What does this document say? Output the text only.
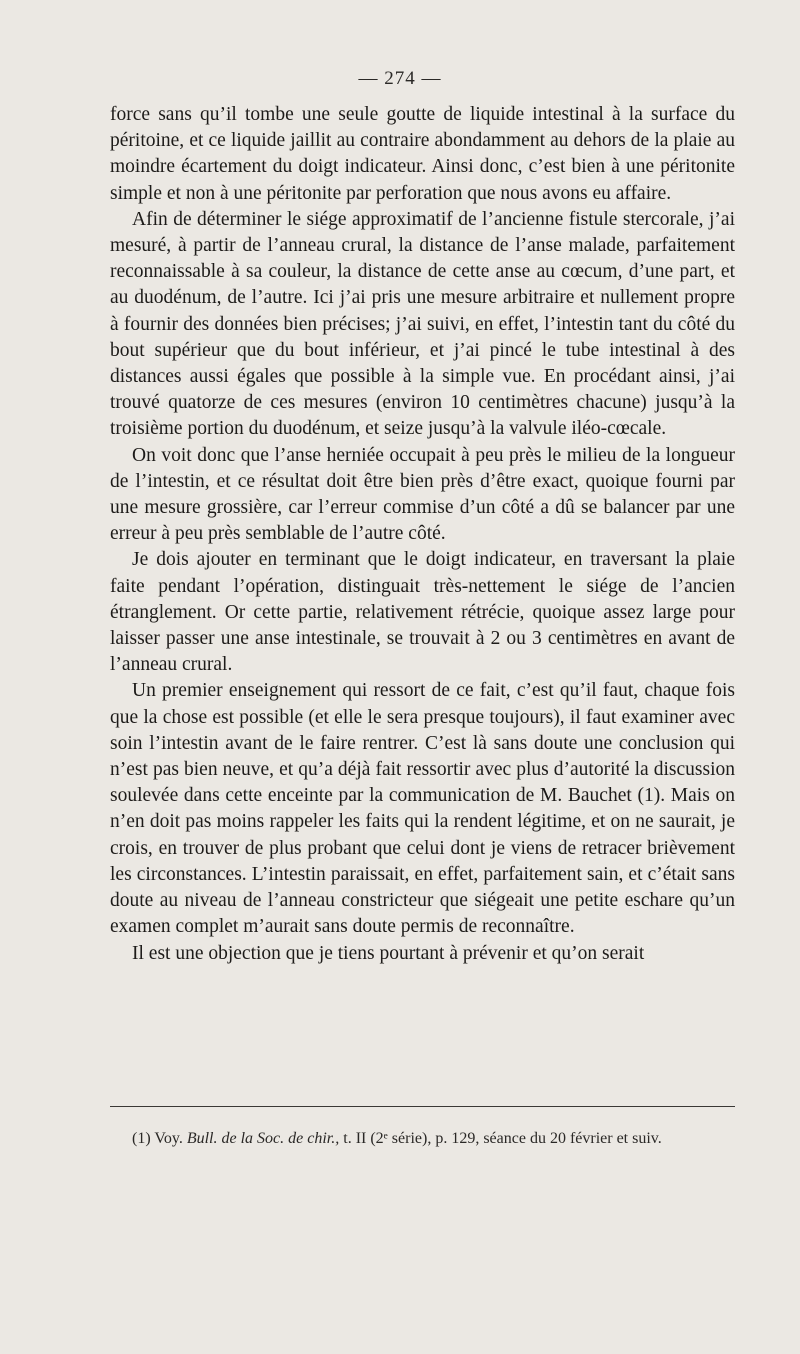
— 274 —

force sans qu’il tombe une seule goutte de liquide intestinal à la surface du péritoine, et ce liquide jaillit au contraire abondamment au dehors de la plaie au moindre écartement du doigt indicateur. Ainsi donc, c’est bien à une péritonite simple et non à une péritonite par perforation que nous avons eu affaire.

Afin de déterminer le siége approximatif de l’ancienne fistule stercorale, j’ai mesuré, à partir de l’anneau crural, la distance de l’anse malade, parfaitement reconnaissable à sa couleur, la distance de cette anse au cœcum, d’une part, et au duodénum, de l’autre. Ici j’ai pris une mesure arbitraire et nullement propre à fournir des données bien précises; j’ai suivi, en effet, l’intestin tant du côté du bout supérieur que du bout inférieur, et j’ai pincé le tube intestinal à des distances aussi égales que possible à la simple vue. En procédant ainsi, j’ai trouvé quatorze de ces mesures (environ 10 centimètres chacune) jusqu’à la troisième portion du duodénum, et seize jusqu’à la valvule iléo-cœcale.

On voit donc que l’anse herniée occupait à peu près le milieu de la longueur de l’intestin, et ce résultat doit être bien près d’être exact, quoique fourni par une mesure grossière, car l’erreur commise d’un côté a dû se balancer par une erreur à peu près semblable de l’autre côté.

Je dois ajouter en terminant que le doigt indicateur, en traversant la plaie faite pendant l’opération, distinguait très-nettement le siége de l’ancien étranglement. Or cette partie, relativement rétrécie, quoique assez large pour laisser passer une anse intestinale, se trouvait à 2 ou 3 centimètres en avant de l’anneau crural.

Un premier enseignement qui ressort de ce fait, c’est qu’il faut, chaque fois que la chose est possible (et elle le sera presque toujours), il faut examiner avec soin l’intestin avant de le faire rentrer. C’est là sans doute une conclusion qui n’est pas bien neuve, et qu’a déjà fait ressortir avec plus d’autorité la discussion soulevée dans cette enceinte par la communication de M. Bauchet (1). Mais on n’en doit pas moins rappeler les faits qui la rendent légitime, et on ne saurait, je crois, en trouver de plus probant que celui dont je viens de retracer brièvement les circonstances. L’intestin paraissait, en effet, parfaitement sain, et c’était sans doute au niveau de l’anneau constricteur que siégeait une petite eschare qu’un examen complet m’aurait sans doute permis de reconnaître.

Il est une objection que je tiens pourtant à prévenir et qu’on serait

(1) Voy. Bull. de la Soc. de chir., t. II (2ᵉ série), p. 129, séance du 20 février et suiv.
